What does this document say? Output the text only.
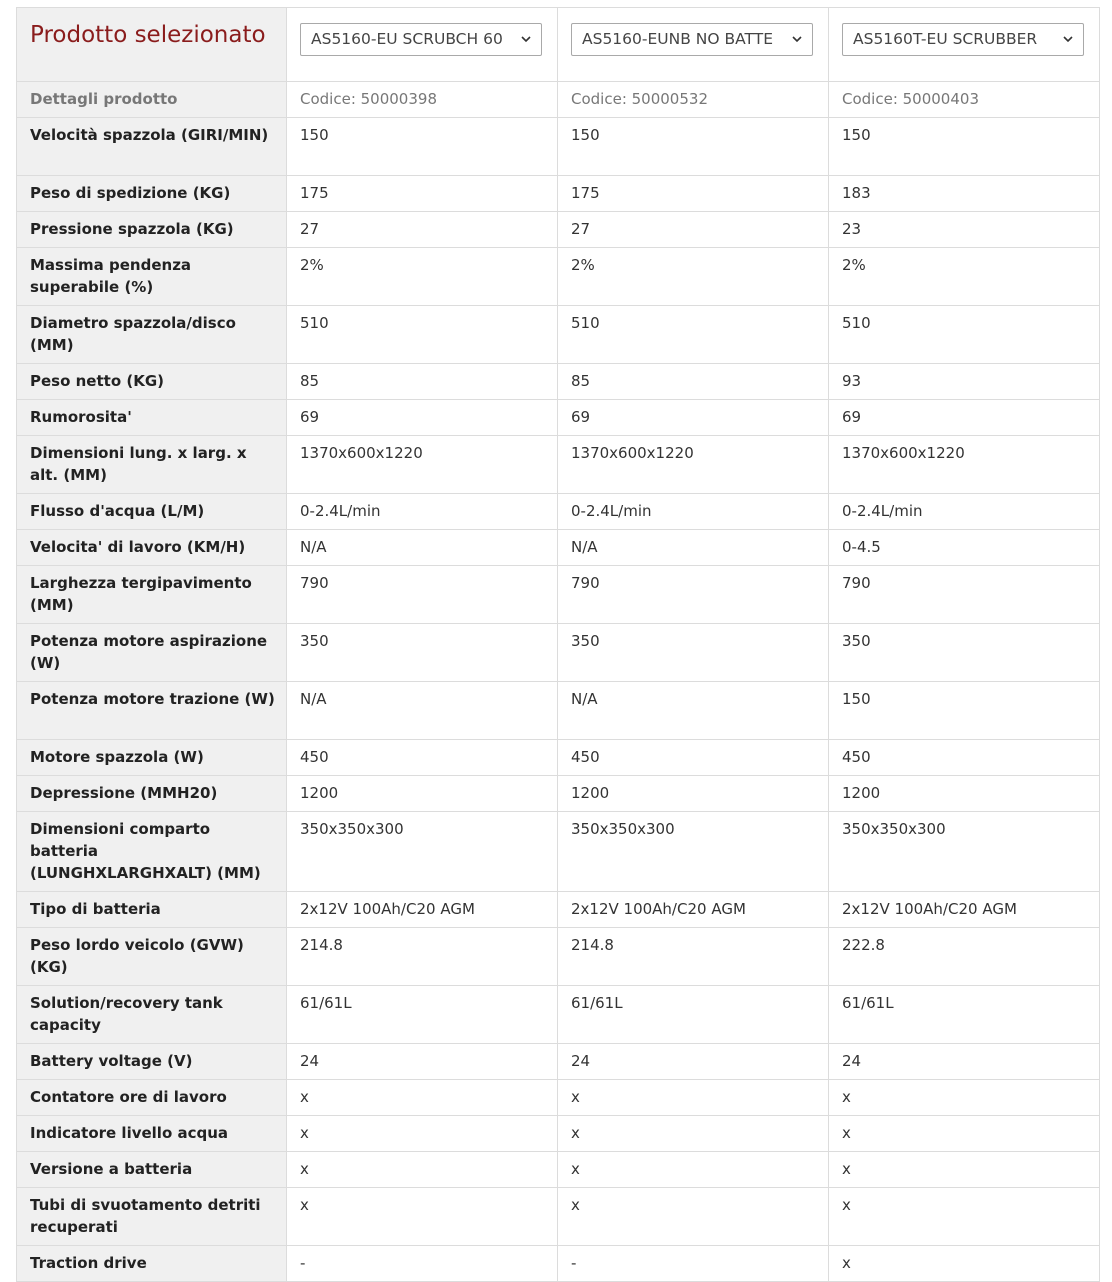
Prodotto selezionato	AS5160-EU SCRUBCH 60	AS5160-EUNB NO BATTE	AS5160T-EU SCRUBBER

Dettagli prodotto	Codice: 50000398	Codice: 50000532	Codice: 50000403
Velocità spazzola (GIRI/MIN)	150	150	150
Peso di spedizione (KG)	175	175	183
Pressione spazzola (KG)	27	27	23
Massima pendenza superabile (%)	2%	2%	2%
Diametro spazzola/disco (MM)	510	510	510
Peso netto (KG)	85	85	93
Rumorosita'	69	69	69
Dimensioni lung. x larg. x alt. (MM)	1370x600x1220	1370x600x1220	1370x600x1220
Flusso d'acqua (L/M)	0-2.4L/min	0-2.4L/min	0-2.4L/min
Velocita' di lavoro (KM/H)	N/A	N/A	0-4.5
Larghezza tergipavimento (MM)	790	790	790
Potenza motore aspirazione (W)	350	350	350
Potenza motore trazione (W)	N/A	N/A	150
Motore spazzola (W)	450	450	450
Depressione (MMH20)	1200	1200	1200
Dimensioni comparto batteria (LUNGHXLARGHXALT) (MM)	350x350x300	350x350x300	350x350x300
Tipo di batteria	2x12V 100Ah/C20 AGM	2x12V 100Ah/C20 AGM	2x12V 100Ah/C20 AGM
Peso lordo veicolo (GVW) (KG)	214.8	214.8	222.8
Solution/recovery tank capacity	61/61L	61/61L	61/61L
Battery voltage (V)	24	24	24
Contatore ore di lavoro	x	x	x
Indicatore livello acqua	x	x	x
Versione a batteria	x	x	x
Tubi di svuotamento detriti recuperati	x	x	x
Traction drive	-	-	x
